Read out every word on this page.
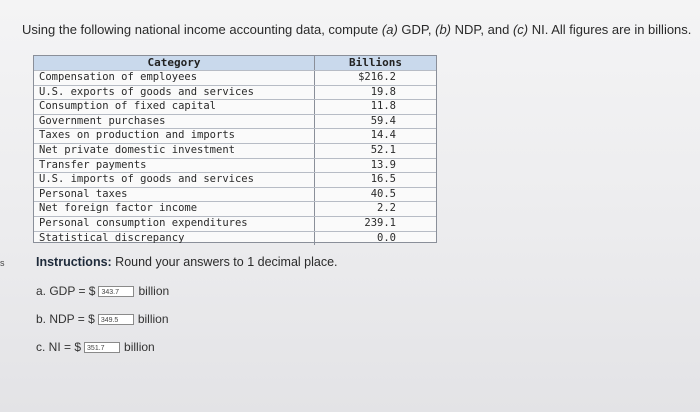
Using the following national income accounting data, compute (a) GDP, (b) NDP, and (c) NI. All figures are in billions.
Category	Billions
Compensation of employees	$216.2
U.S. exports of goods and services	19.8
Consumption of fixed capital	11.8
Government purchases	59.4
Taxes on production and imports	14.4
Net private domestic investment	52.1
Transfer payments	13.9
U.S. imports of goods and services	16.5
Personal taxes	40.5
Net foreign factor income	2.2
Personal consumption expenditures	239.1
Statistical discrepancy	0.0
s	Instructions: Round your answers to 1 decimal place.
a. GDP = $ 343.7	billion
b. NDP = $ 349.5	billion
c. NI = $ 351.7	billion
